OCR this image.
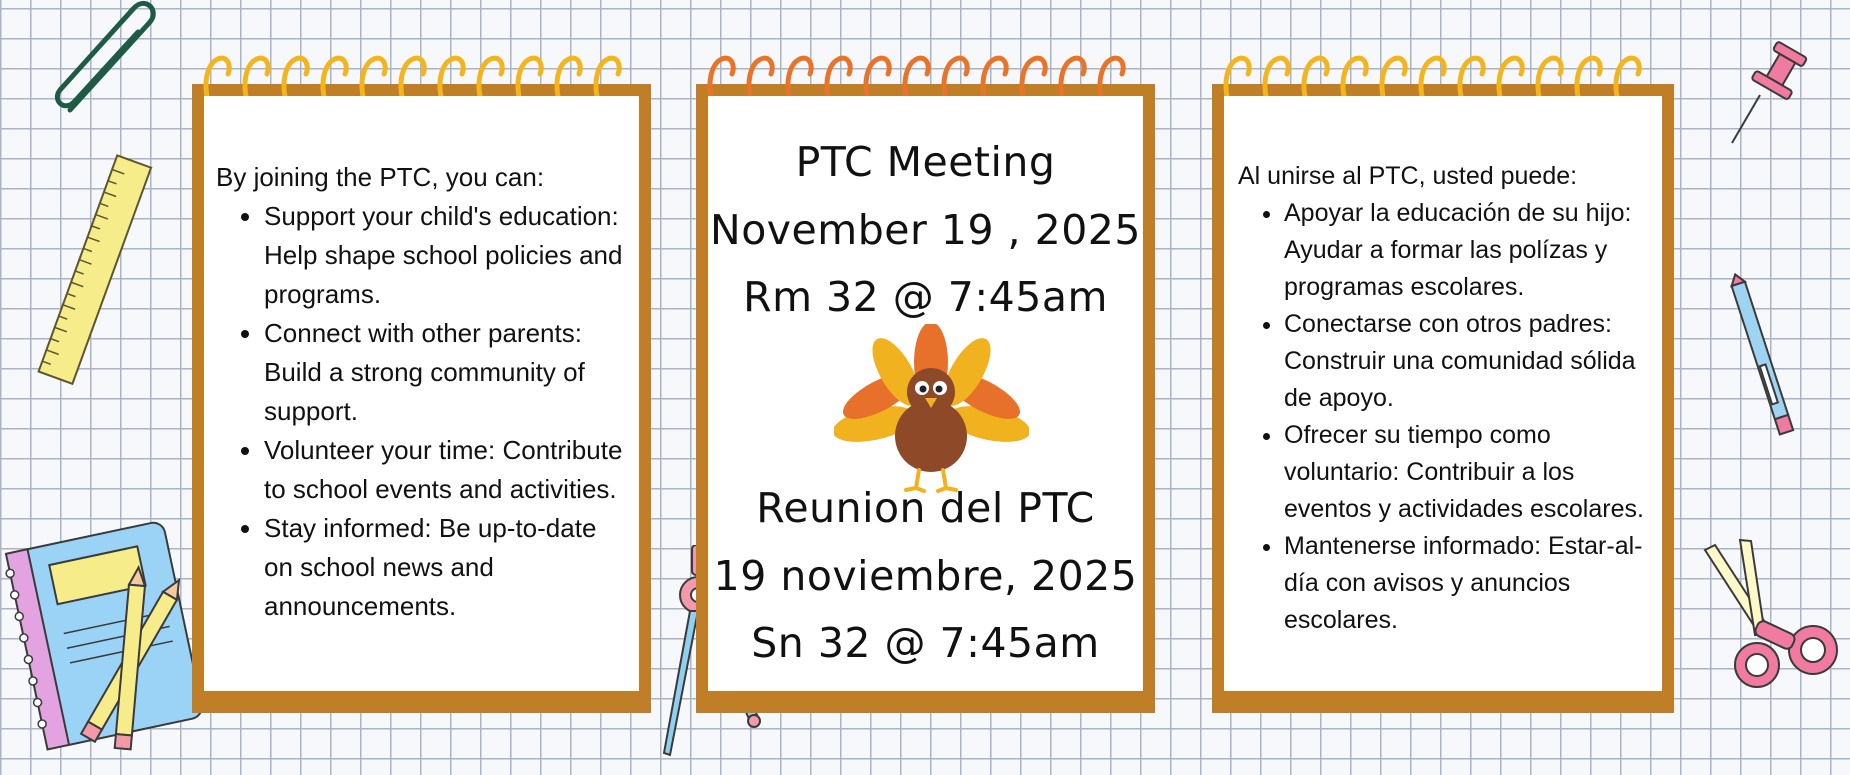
By joining the PTC, you can:
• Support your child's education: Help shape school policies and programs.
• Connect with other parents: Build a strong community of support.
• Volunteer your time: Contribute to school events and activities.
• Stay informed: Be up-to-date on school news and announcements.
PTC Meeting
November 19 , 2025
Rm 32 @ 7:45am
Reunion del PTC
19 noviembre, 2025
Sn 32 @ 7:45am
Al unirse al PTC, usted puede:
• Apoyar la educación de su hijo: Ayudar a formar las polízas y programas escolares.
• Conectarse con otros padres: Construir una comunidad sólida de apoyo.
• Ofrecer su tiempo como voluntario: Contribuir a los eventos y actividades escolares.
• Mantenerse informado: Estar-al-día con avisos y anuncios escolares.
